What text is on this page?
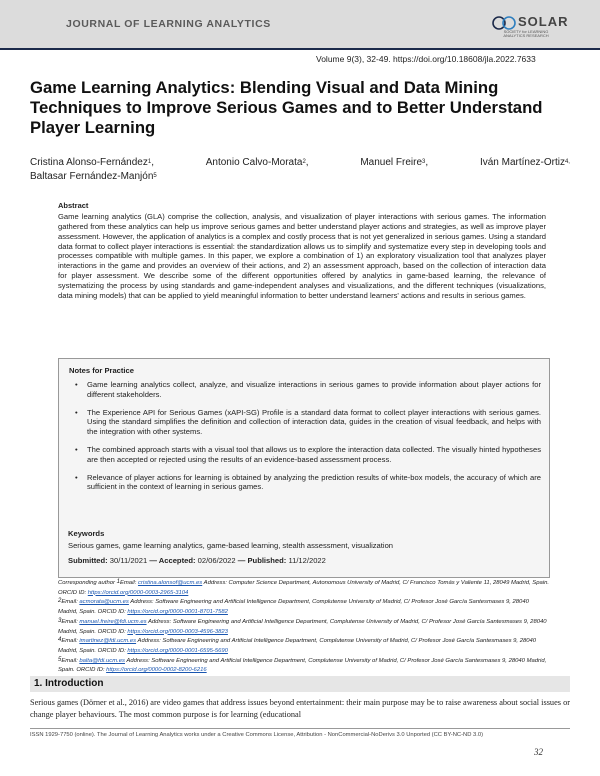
JOURNAL OF LEARNING ANALYTICS	SOLAR
SOCIETY for LEARNING ANALYTICS RESEARCH
Volume 9(3), 32-49. https://doi.org/10.18608/jla.2022.7633
Game Learning Analytics: Blending Visual and Data Mining Techniques to Improve Serious Games and to Better Understand Player Learning
Cristina Alonso-Fernández$^1$,	Antonio Calvo-Morata$^2$,	Manuel Freire$^3$,	Iván Martínez-Ortiz$^{4,}$
Baltasar Fernández-Manjón$^5$
Abstract
Game learning analytics (GLA) comprise the collection, analysis, and visualization of player interactions with serious games. The information gathered from these analytics can help us improve serious games and better understand player actions and strategies, as well as improve player assessment. However, the application of analytics is a complex and costly process that is not yet generalized in serious games. Using a standard data format to collect player interactions is essential: the standardization allows us to simplify and systematize every step in developing tools and processes compatible with multiple games. In this paper, we explore a combination of 1) an exploratory visualization tool that analyzes player interactions in the game and provides an overview of their actions, and 2) an assessment approach, based on the collection of interaction data for player assessment. We describe some of the different opportunities offered by analytics in game-based learning, the relevance of systematizing the process by using standards and game-independent analyses and visualizations, and the different techniques (visualizations, data mining models) that can be applied to yield meaningful information to better understand learners' actions and results in serious games.
Notes for Practice
• Game learning analytics collect, analyze, and visualize interactions in serious games to provide information about player actions for different stakeholders.
• The Experience API for Serious Games (xAPI-SG) Profile is a standard data format to collect player interactions with serious games. Using the standard simplifies the definition and collection of interaction data, guides in the creation of visual feedback, and helps with the integration with other systems.
• The combined approach starts with a visual tool that allows us to explore the interaction data collected. The visually hinted hypotheses are then accepted or rejected using the results of an evidence-based assessment process.
• Relevance of player actions for learning is obtained by analyzing the prediction results of white-box models, the accuracy of which are sufficient in the context of learning in serious games.
Keywords
Serious games, game learning analytics, game-based learning, stealth assessment, visualization
Submitted: 30/11/2021 — Accepted: 02/06/2022 — Published: 11/12/2022

Corresponding author $^1$Email: cristina.alonsof@ucm.es Address: Computer Science Department, Autonomous University of Madrid, C/ Francisco Tomás y Valiente 11, 28049 Madrid, Spain. ORCID ID: https://orcid.org/0000-0003-2965-3104

$^2$Email: acmorata@ucm.es Address: Software Engineering and Artificial Intelligence Department, Complutense University of Madrid, C/ Profesor José García Santesmases 9, 28040 Madrid, Spain. ORCID ID: https://orcid.org/0000-0001-8701-7582

$^3$Email: manuel.freire@fdi.ucm.es Address: Software Engineering and Artificial Intelligence Department, Complutense University of Madrid, C/ Profesor José García Santesmases 9, 28040 Madrid, Spain. ORCID ID: https://orcid.org/0000-0003-4596-3823

$^4$Email: imartinez@fdi.ucm.es Address: Software Engineering and Artificial Intelligence Department, Complutense University of Madrid, C/ Profesor José García Santesmases 9, 28040 Madrid, Spain. ORCID ID: https://orcid.org/0000-0001-6595-5690

$^5$Email: balta@fdi.ucm.es Address: Software Engineering and Artificial Intelligence Department, Complutense University of Madrid, C/ Profesor José García Santesmases 9, 28040 Madrid, Spain. ORCID ID: https://orcid.org/0000-0002-8200-6216

1. Introduction
Serious games (Dörner et al., 2016) are video games that address issues beyond entertainment: their main purpose may be to raise awareness about social issues or change player behaviours. The most common purpose is for learning (educational
ISSN 1929-7750 (online). The Journal of Learning Analytics works under a Creative Commons License, Attribution - NonCommercial-NoDerivs 3.0 Unported (CC BY-NC-ND 3.0)
32
